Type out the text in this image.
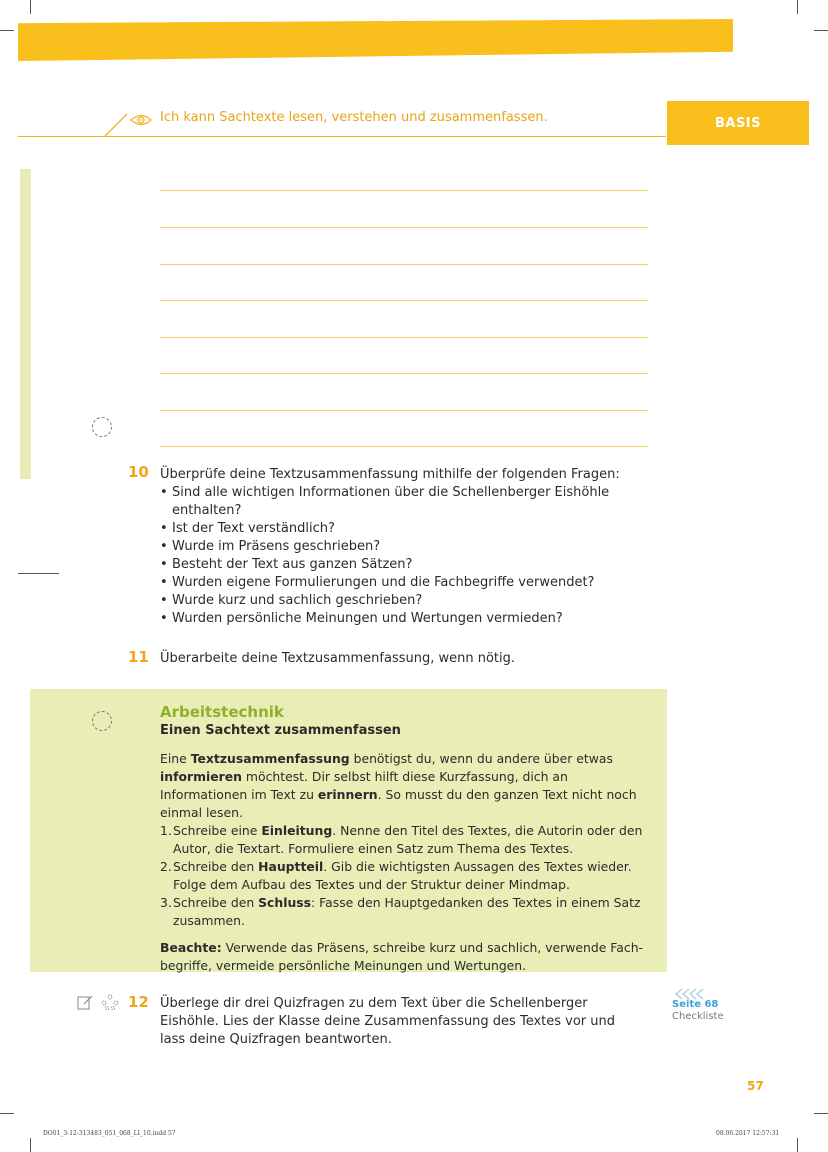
Ich kann Sachtexte lesen, verstehen und zusammenfassen.	BASIS
10 Überprüfe deine Textzusammenfassung mithilfe der folgenden Fragen:
• Sind alle wichtigen Informationen über die Schellenberger Eishöhle enthalten?
• Ist der Text verständlich?
• Wurde im Präsens geschrieben?
• Besteht der Text aus ganzen Sätzen?
• Wurden eigene Formulierungen und die Fachbegriffe verwendet?
• Wurde kurz und sachlich geschrieben?
• Wurden persönliche Meinungen und Wertungen vermieden?
11 Überarbeite deine Textzusammenfassung, wenn nötig.
Arbeitstechnik
Einen Sachtext zusammenfassen

Eine Textzusammenfassung benötigst du, wenn du andere über etwas informieren möchtest. Dir selbst hilft diese Kurzfassung, dich an Informationen im Text zu erinnern. So musst du den ganzen Text nicht noch einmal lesen.

1. Schreibe eine Einleitung. Nenne den Titel des Textes, die Autorin oder den Autor, die Textart. Formuliere einen Satz zum Thema des Textes.
2. Schreibe den Hauptteil. Gib die wichtigsten Aussagen des Textes wieder. Folge dem Aufbau des Textes und der Struktur deiner Mindmap.
3. Schreibe den Schluss: Fasse den Hauptgedanken des Textes in einem Satz zusammen.

Beachte: Verwende das Präsens, schreibe kurz und sachlich, verwende Fachbegriffe, vermeide persönliche Meinungen und Wertungen.

12 Überlege dir drei Quizfragen zu dem Text über die Schellenberger Eishöhle. Lies der Klasse deine Zusammenfassung des Textes vor und lass deine Quizfragen beantworten.
Seite 68
Checkliste
57
DO01_3-12-313483_051_068_LI_10.indd 57	08.06.2017 12:57:31
